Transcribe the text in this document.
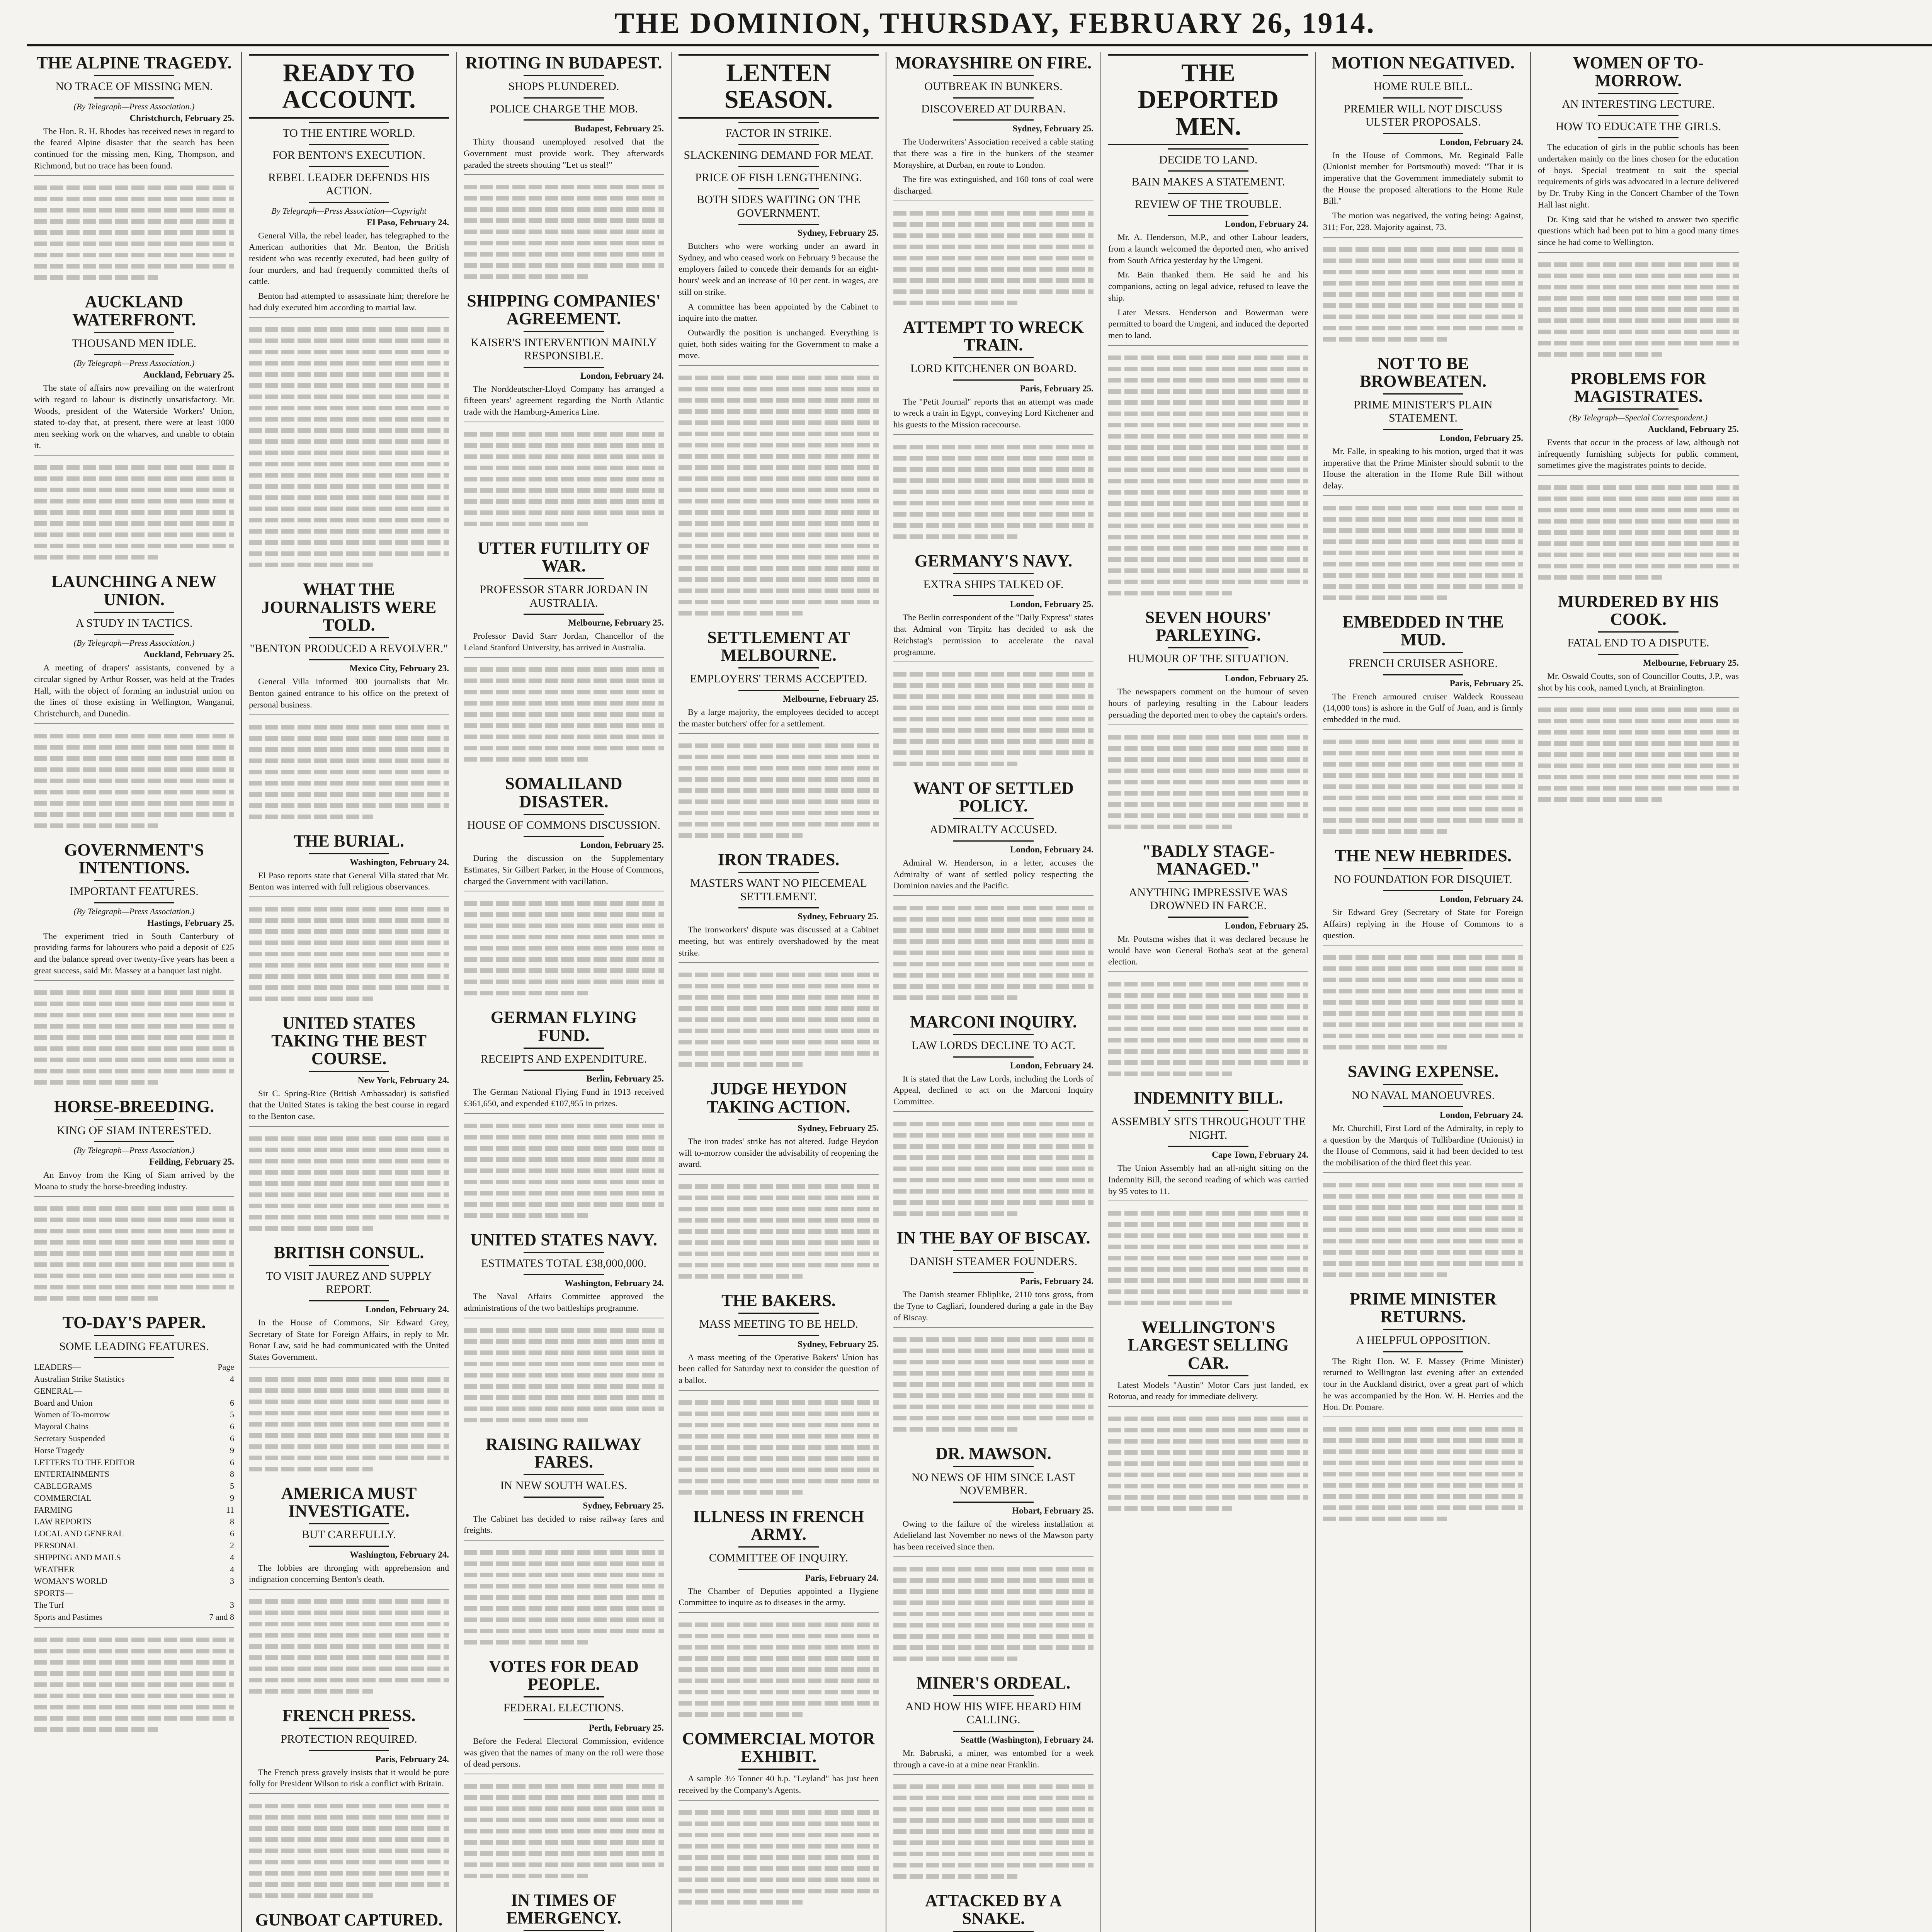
THE DOMINION, THURSDAY, FEBRUARY 26, 1914.
THE ALPINE TRAGEDY.
NO TRACE OF MISSING MEN.
(By Telegraph—Press Association.)
Christchurch, February 25.

The Hon. R. H. Rhodes has received news in regard to the feared Alpine disaster that the search has been continued for the missing men, King, Thompson, and Richmond, but no trace has been found.

AUCKLAND WATERFRONT.
THOUSAND MEN IDLE.
(By Telegraph—Press Association.)
Auckland, February 25.

The state of affairs now prevailing on the waterfront with regard to labour is distinctly unsatisfactory. Mr. Woods, president of the Waterside Workers' Union, stated to-day that, at present, there were at least 1000 men seeking work on the wharves, and unable to obtain it.

LAUNCHING A NEW UNION.
A STUDY IN TACTICS.
(By Telegraph—Press Association.)
Auckland, February 25.

A meeting of drapers' assistants, convened by a circular signed by Arthur Rosser, was held at the Trades Hall, with the object of forming an industrial union on the lines of those existing in Wellington, Wanganui, Christchurch, and Dunedin.

GOVERNMENT'S INTENTIONS.
IMPORTANT FEATURES.
(By Telegraph—Press Association.)
Hastings, February 25.

The experiment tried in South Canterbury of providing farms for labourers who paid a deposit of £25 and the balance spread over twenty-five years has been a great success, said Mr. Massey at a banquet last night.

HORSE-BREEDING.
KING OF SIAM INTERESTED.
(By Telegraph—Press Association.)
Feilding, February 25.

An Envoy from the King of Siam arrived by the Moana to study the horse-breeding industry.

TO-DAY'S PAPER.
SOME LEADING FEATURES.
LEADERS—	Page
Australian Strike Statistics	4
GENERAL—
Board and Union	6
Women of To-morrow	5
Mayoral Chains	6
Secretary Suspended	6
Horse Tragedy	9
LETTERS TO THE EDITOR	6
ENTERTAINMENTS	8
CABLEGRAMS	5
COMMERCIAL	9
FARMING	11
LAW REPORTS	8
LOCAL AND GENERAL	6
PERSONAL	2
SHIPPING AND MAILS	4
WEATHER	4
WOMAN'S WORLD	3
SPORTS—
The Turf	3
Sports and Pastimes	7 and 8
READY TO ACCOUNT.
TO THE ENTIRE WORLD.
FOR BENTON'S EXECUTION.
REBEL LEADER DEFENDS HIS ACTION.
By Telegraph—Press Association—Copyright
El Paso, February 24.

General Villa, the rebel leader, has telegraphed to the American authorities that Mr. Benton, the British resident who was recently executed, had been guilty of four murders, and had frequently committed thefts of cattle.

Benton had attempted to assassinate him; therefore he had duly executed him according to martial law.

WHAT THE JOURNALISTS WERE TOLD.
"BENTON PRODUCED A REVOLVER."
Mexico City, February 23.

General Villa informed 300 journalists that Mr. Benton gained entrance to his office on the pretext of personal business.

THE BURIAL.
Washington, February 24.

El Paso reports state that General Villa stated that Mr. Benton was interred with full religious observances.

UNITED STATES TAKING THE BEST COURSE.
New York, February 24.

Sir C. Spring-Rice (British Ambassador) is satisfied that the United States is taking the best course in regard to the Benton case.

BRITISH CONSUL.
TO VISIT JAUREZ AND SUPPLY REPORT.
London, February 24.

In the House of Commons, Sir Edward Grey, Secretary of State for Foreign Affairs, in reply to Mr. Bonar Law, said he had communicated with the United States Government.

AMERICA MUST INVESTIGATE.
BUT CAREFULLY.
Washington, February 24.

The lobbies are thronging with apprehension and indignation concerning Benton's death.

FRENCH PRESS.
PROTECTION REQUIRED.
Paris, February 24.

The French press gravely insists that it would be pure folly for President Wilson to risk a conflict with Britain.

GUNBOAT CAPTURED.

RIOTING IN BUDAPEST.
SHOPS PLUNDERED.
POLICE CHARGE THE MOB.
Budapest, February 25.

Thirty thousand unemployed resolved that the Government must provide work. They afterwards paraded the streets shouting "Let us steal!"

SHIPPING COMPANIES' AGREEMENT.
KAISER'S INTERVENTION MAINLY RESPONSIBLE.
London, February 24.

The Norddeutscher-Lloyd Company has arranged a fifteen years' agreement regarding the North Atlantic trade with the Hamburg-America Line.

UTTER FUTILITY OF WAR.
PROFESSOR STARR JORDAN IN AUSTRALIA.
Melbourne, February 25.

Professor David Starr Jordan, Chancellor of the Leland Stanford University, has arrived in Australia.

SOMALILAND DISASTER.
HOUSE OF COMMONS DISCUSSION.
London, February 25.

During the discussion on the Supplementary Estimates, Sir Gilbert Parker, in the House of Commons, charged the Government with vacillation.

GERMAN FLYING FUND.
RECEIPTS AND EXPENDITURE.
Berlin, February 25.

The German National Flying Fund in 1913 received £361,650, and expended £107,955 in prizes.

UNITED STATES NAVY.
ESTIMATES TOTAL £38,000,000.
Washington, February 24.

The Naval Affairs Committee approved the administrations of the two battleships programme.

RAISING RAILWAY FARES.
IN NEW SOUTH WALES.
Sydney, February 25.

The Cabinet has decided to raise railway fares and freights.

VOTES FOR DEAD PEOPLE.
FEDERAL ELECTIONS.
Perth, February 25.

Before the Federal Electoral Commission, evidence was given that the names of many on the roll were those of dead persons.

IN TIMES OF EMERGENCY.

LENTEN SEASON.
FACTOR IN STRIKE.
SLACKENING DEMAND FOR MEAT.
PRICE OF FISH LENGTHENING.
BOTH SIDES WAITING ON THE GOVERNMENT.
Sydney, February 25.

Butchers who were working under an award in Sydney, and who ceased work on February 9 because the employers failed to concede their demands for an eight-hours' week and an increase of 10 per cent. in wages, are still on strike.

A committee has been appointed by the Cabinet to inquire into the matter.

Outwardly the position is unchanged. Everything is quiet, both sides waiting for the Government to make a move.

SETTLEMENT AT MELBOURNE.
EMPLOYERS' TERMS ACCEPTED.
Melbourne, February 25.

By a large majority, the employees decided to accept the master butchers' offer for a settlement.

IRON TRADES.
MASTERS WANT NO PIECEMEAL SETTLEMENT.
Sydney, February 25.

The ironworkers' dispute was discussed at a Cabinet meeting, but was entirely overshadowed by the meat strike.

JUDGE HEYDON TAKING ACTION.
Sydney, February 25.

The iron trades' strike has not altered. Judge Heydon will to-morrow consider the advisability of reopening the award.

THE BAKERS.
MASS MEETING TO BE HELD.
Sydney, February 25.

A mass meeting of the Operative Bakers' Union has been called for Saturday next to consider the question of a ballot.

ILLNESS IN FRENCH ARMY.
COMMITTEE OF INQUIRY.
Paris, February 24.

The Chamber of Deputies appointed a Hygiene Committee to inquire as to diseases in the army.

COMMERCIAL MOTOR EXHIBIT.

A sample 3½ Tonner 40 h.p. "Leyland" has just been received by the Company's Agents.

MORAYSHIRE ON FIRE.
OUTBREAK IN BUNKERS.
DISCOVERED AT DURBAN.
Sydney, February 25.

The Underwriters' Association received a cable stating that there was a fire in the bunkers of the steamer Morayshire, at Durban, en route to London.

The fire was extinguished, and 160 tons of coal were discharged.

ATTEMPT TO WRECK TRAIN.
LORD KITCHENER ON BOARD.
Paris, February 25.

The "Petit Journal" reports that an attempt was made to wreck a train in Egypt, conveying Lord Kitchener and his guests to the Mission racecourse.

GERMANY'S NAVY.
EXTRA SHIPS TALKED OF.
London, February 25.

The Berlin correspondent of the "Daily Express" states that Admiral von Tirpitz has decided to ask the Reichstag's permission to accelerate the naval programme.

WANT OF SETTLED POLICY.
ADMIRALTY ACCUSED.
London, February 24.

Admiral W. Henderson, in a letter, accuses the Admiralty of want of settled policy respecting the Dominion navies and the Pacific.

MARCONI INQUIRY.
LAW LORDS DECLINE TO ACT.
London, February 24.

It is stated that the Law Lords, including the Lords of Appeal, declined to act on the Marconi Inquiry Committee.

IN THE BAY OF BISCAY.
DANISH STEAMER FOUNDERS.
Paris, February 24.

The Danish steamer Ebliplike, 2110 tons gross, from the Tyne to Cagliari, foundered during a gale in the Bay of Biscay.

DR. MAWSON.
NO NEWS OF HIM SINCE LAST NOVEMBER.
Hobart, February 25.

Owing to the failure of the wireless installation at Adelieland last November no news of the Mawson party has been received since then.

MINER'S ORDEAL.
AND HOW HIS WIFE HEARD HIM CALLING.
Seattle (Washington), February 24.

Mr. Babruski, a miner, was entombed for a week through a cave-in at a mine near Franklin.

ATTACKED BY A SNAKE.

THE DEPORTED MEN.
DECIDE TO LAND.
BAIN MAKES A STATEMENT.
REVIEW OF THE TROUBLE.
London, February 24.

Mr. A. Henderson, M.P., and other Labour leaders, from a launch welcomed the deported men, who arrived from South Africa yesterday by the Umgeni.

Mr. Bain thanked them. He said he and his companions, acting on legal advice, refused to leave the ship.

Later Messrs. Henderson and Bowerman were permitted to board the Umgeni, and induced the deported men to land.

SEVEN HOURS' PARLEYING.
HUMOUR OF THE SITUATION.
London, February 25.

The newspapers comment on the humour of seven hours of parleying resulting in the Labour leaders persuading the deported men to obey the captain's orders.

"BADLY STAGE-MANAGED."
ANYTHING IMPRESSIVE WAS DROWNED IN FARCE.
London, February 25.

Mr. Poutsma wishes that it was declared because he would have won General Botha's seat at the general election.

INDEMNITY BILL.
ASSEMBLY SITS THROUGHOUT THE NIGHT.
Cape Town, February 24.

The Union Assembly had an all-night sitting on the Indemnity Bill, the second reading of which was carried by 95 votes to 11.

WELLINGTON'S LARGEST SELLING CAR.

Latest Models "Austin" Motor Cars just landed, ex Rotorua, and ready for immediate delivery.

MOTION NEGATIVED.
HOME RULE BILL.
PREMIER WILL NOT DISCUSS ULSTER PROPOSALS.
London, February 24.

In the House of Commons, Mr. Reginald Falle (Unionist member for Portsmouth) moved: "That it is imperative that the Government immediately submit to the House the proposed alterations to the Home Rule Bill."

The motion was negatived, the voting being: Against, 311; For, 228. Majority against, 73.

NOT TO BE BROWBEATEN.
PRIME MINISTER'S PLAIN STATEMENT.
London, February 25.

Mr. Falle, in speaking to his motion, urged that it was imperative that the Prime Minister should submit to the House the alteration in the Home Rule Bill without delay.

EMBEDDED IN THE MUD.
FRENCH CRUISER ASHORE.
Paris, February 25.

The French armoured cruiser Waldeck Rousseau (14,000 tons) is ashore in the Gulf of Juan, and is firmly embedded in the mud.

THE NEW HEBRIDES.
NO FOUNDATION FOR DISQUIET.
London, February 24.

Sir Edward Grey (Secretary of State for Foreign Affairs) replying in the House of Commons to a question.

SAVING EXPENSE.
NO NAVAL MANOEUVRES.
London, February 24.

Mr. Churchill, First Lord of the Admiralty, in reply to a question by the Marquis of Tullibardine (Unionist) in the House of Commons, said it had been decided to test the mobilisation of the third fleet this year.

PRIME MINISTER RETURNS.
A HELPFUL OPPOSITION.

The Right Hon. W. F. Massey (Prime Minister) returned to Wellington last evening after an extended tour in the Auckland district, over a great part of which he was accompanied by the Hon. W. H. Herries and the Hon. Dr. Pomare.

WOMEN OF TO-MORROW.
AN INTERESTING LECTURE.
HOW TO EDUCATE THE GIRLS.

The education of girls in the public schools has been undertaken mainly on the lines chosen for the education of boys. Special treatment to suit the special requirements of girls was advocated in a lecture delivered by Dr. Truby King in the Concert Chamber of the Town Hall last night.

Dr. King said that he wished to answer two specific questions which had been put to him a good many times since he had come to Wellington.

PROBLEMS FOR MAGISTRATES.
(By Telegraph—Special Correspondent.)
Auckland, February 25.

Events that occur in the process of law, although not infrequently furnishing subjects for public comment, sometimes give the magistrates points to decide.

MURDERED BY HIS COOK.
FATAL END TO A DISPUTE.
Melbourne, February 25.

Mr. Oswald Coutts, son of Councillor Coutts, J.P., was shot by his cook, named Lynch, at Brainlington.
